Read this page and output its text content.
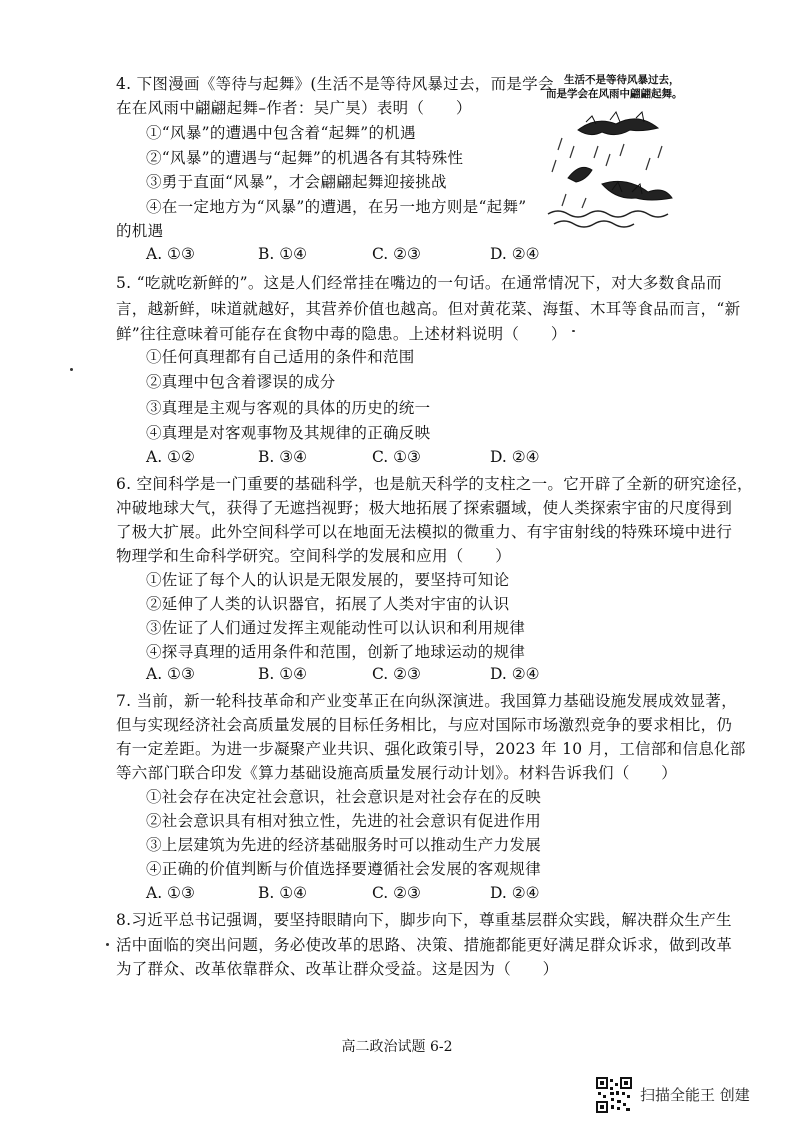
4. 下图漫画《等待与起舞》(生活不是等待风暴过去，而是学会
在在风雨中翩翩起舞–作者：吴广昊）表明（　　）
①“风暴”的遭遇中包含着“起舞”的机遇
②“风暴”的遭遇与“起舞”的机遇各有其特殊性
③勇于直面“风暴”，才会翩翩起舞迎接挑战
④在一定地方为“风暴”的遭遇，在另一地方则是“起舞”
的机遇
A. ①③	B. ①④	C. ②③	D. ②④
生活不是等待风暴过去，
而是学会在风雨中翩翩起舞。
5. “吃就吃新鲜的”。这是人们经常挂在嘴边的一句话。在通常情况下，对大多数食品而
言，越新鲜，味道就越好，其营养价值也越高。但对黄花菜、海蜇、木耳等食品而言，“新
鲜”往往意味着可能存在食物中毒的隐患。上述材料说明（　　）
①任何真理都有自己适用的条件和范围
②真理中包含着谬误的成分
③真理是主观与客观的具体的历史的统一
④真理是对客观事物及其规律的正确反映
A. ①②	B. ③④	C. ①③	D. ②④
6. 空间科学是一门重要的基础科学，也是航天科学的支柱之一。它开辟了全新的研究途径，
冲破地球大气，获得了无遮挡视野；极大地拓展了探索疆域，使人类探索宇宙的尺度得到
了极大扩展。此外空间科学可以在地面无法模拟的微重力、有宇宙射线的特殊环境中进行
物理学和生命科学研究。空间科学的发展和应用（　　）
①佐证了每个人的认识是无限发展的，要坚持可知论
②延伸了人类的认识器官，拓展了人类对宇宙的认识
③佐证了人们通过发挥主观能动性可以认识和利用规律
④探寻真理的适用条件和范围，创新了地球运动的规律
A. ①③	B. ①④	C. ②③	D. ②④
7. 当前，新一轮科技革命和产业变革正在向纵深演进。我国算力基础设施发展成效显著，
但与实现经济社会高质量发展的目标任务相比，与应对国际市场激烈竞争的要求相比，仍
有一定差距。为进一步凝聚产业共识、强化政策引导，2023 年 10 月，工信部和信息化部
等六部门联合印发《算力基础设施高质量发展行动计划》。材料告诉我们（　　）
①社会存在决定社会意识，社会意识是对社会存在的反映
②社会意识具有相对独立性，先进的社会意识有促进作用
③上层建筑为先进的经济基础服务时可以推动生产力发展
④正确的价值判断与价值选择要遵循社会发展的客观规律
A. ①③	B. ①④	C. ②③	D. ②④
8.习近平总书记强调，要坚持眼睛向下，脚步向下，尊重基层群众实践，解决群众生产生
活中面临的突出问题，务必使改革的思路、决策、措施都能更好满足群众诉求，做到改革
为了群众、改革依靠群众、改革让群众受益。这是因为（　　）
高二政治试题 6-2
扫描全能王 创建
